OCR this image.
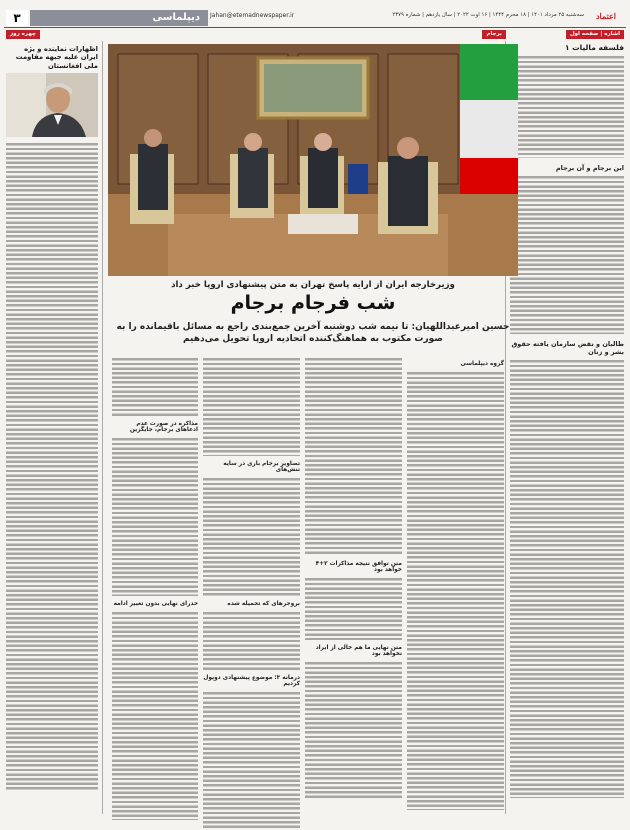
۳	دیپلماسی	Jahan@etemadnewspaper.ir	سه‌شنبه ۲۵ مرداد ۱۴۰۱ | ۱۸ محرم ۱۴۴۴ | ۱۶ اوت ۲۰۲۲ | سال یازدهم | شماره ۲۳۷۹	اعتماد
اشاره | صفحه اول
برجام
چهره روز
فلسفه مالیات ۱
این برجام و آن برجام
طالبان و نقض سازمان یافته حقوق بشر و زنان
اظهارات نماینده و یژه ایران علیه جبهه مقاومت ملی افغانستان
وزیرخارجه ایران از ارایه پاسخ تهران به متن پیشنهادی اروپا خبر داد
شب فرجام برجام
حسین امیرعبداللهیان: تا نیمه شب دوشنبه آخرین جمع‌بندی راجع به مسائل باقیمانده را به صورت مکتوب به هماهنگ‌کننده اتحادیه اروپا تحویل می‌دهیم
گروه دیپلماسی
متن توافق نتیجه مذاکرات ۲+۴ خواهد بود
متن نهایی ما هم خالی از ایراد نخواهد بود
تصاویر برجام باری در سایه تنش‌های
بروجرهای که تحمیله شده
درمانه ۳: موضوع پیشنهادی دوپول کردیم
مذاکره در صورت عدم ادعاهای برجام، جایگزین
حدرای نهایی بدون تغییر ادامه
